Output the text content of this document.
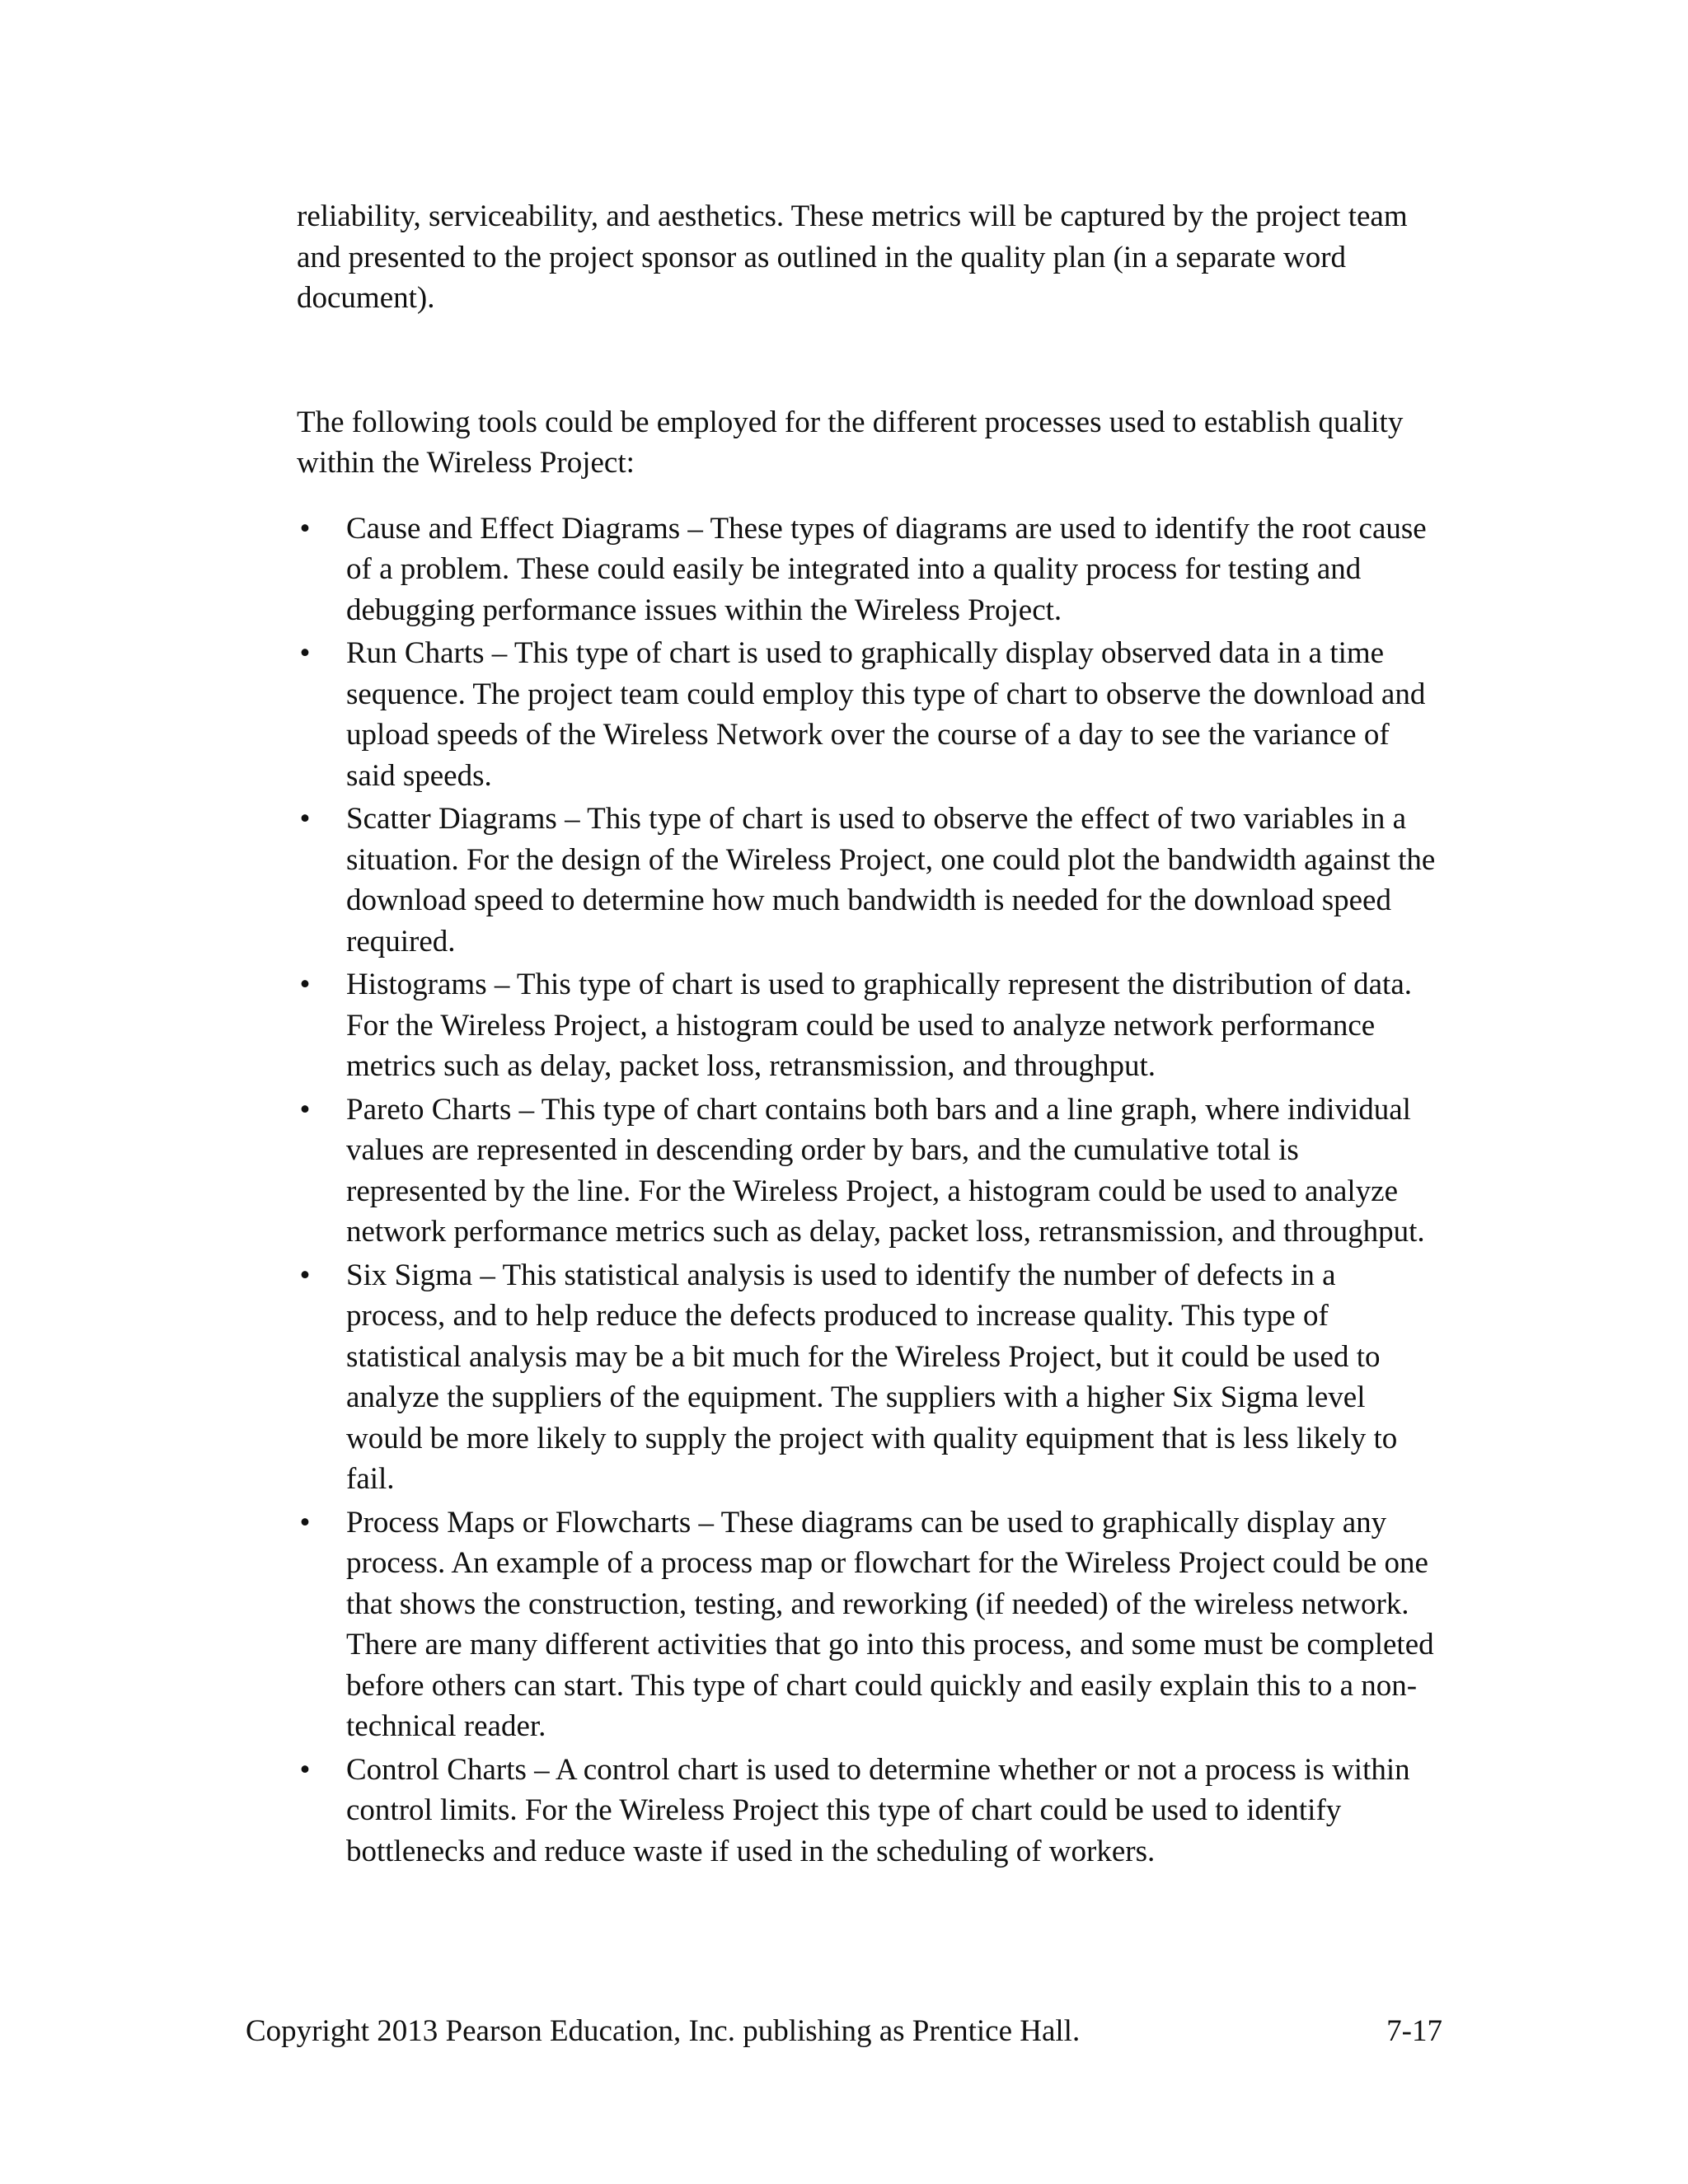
reliability, serviceability, and aesthetics. These metrics will be captured by the project team and presented to the project sponsor as outlined in the quality plan (in a separate word document).

The following tools could be employed for the different processes used to establish quality within the Wireless Project:

• Cause and Effect Diagrams – These types of diagrams are used to identify the root cause of a problem. These could easily be integrated into a quality process for testing and debugging performance issues within the Wireless Project.
• Run Charts – This type of chart is used to graphically display observed data in a time sequence. The project team could employ this type of chart to observe the download and upload speeds of the Wireless Network over the course of a day to see the variance of said speeds.
• Scatter Diagrams – This type of chart is used to observe the effect of two variables in a situation. For the design of the Wireless Project, one could plot the bandwidth against the download speed to determine how much bandwidth is needed for the download speed required.
• Histograms – This type of chart is used to graphically represent the distribution of data. For the Wireless Project, a histogram could be used to analyze network performance metrics such as delay, packet loss, retransmission, and throughput.
• Pareto Charts – This type of chart contains both bars and a line graph, where individual values are represented in descending order by bars, and the cumulative total is represented by the line. For the Wireless Project, a histogram could be used to analyze network performance metrics such as delay, packet loss, retransmission, and throughput.
• Six Sigma – This statistical analysis is used to identify the number of defects in a process, and to help reduce the defects produced to increase quality. This type of statistical analysis may be a bit much for the Wireless Project, but it could be used to analyze the suppliers of the equipment. The suppliers with a higher Six Sigma level would be more likely to supply the project with quality equipment that is less likely to fail.
• Process Maps or Flowcharts – These diagrams can be used to graphically display any process. An example of a process map or flowchart for the Wireless Project could be one that shows the construction, testing, and reworking (if needed) of the wireless network. There are many different activities that go into this process, and some must be completed before others can start. This type of chart could quickly and easily explain this to a non-technical reader.
• Control Charts – A control chart is used to determine whether or not a process is within control limits. For the Wireless Project this type of chart could be used to identify bottlenecks and reduce waste if used in the scheduling of workers.
Copyright 2013 Pearson Education, Inc. publishing as Prentice Hall.	7-17
